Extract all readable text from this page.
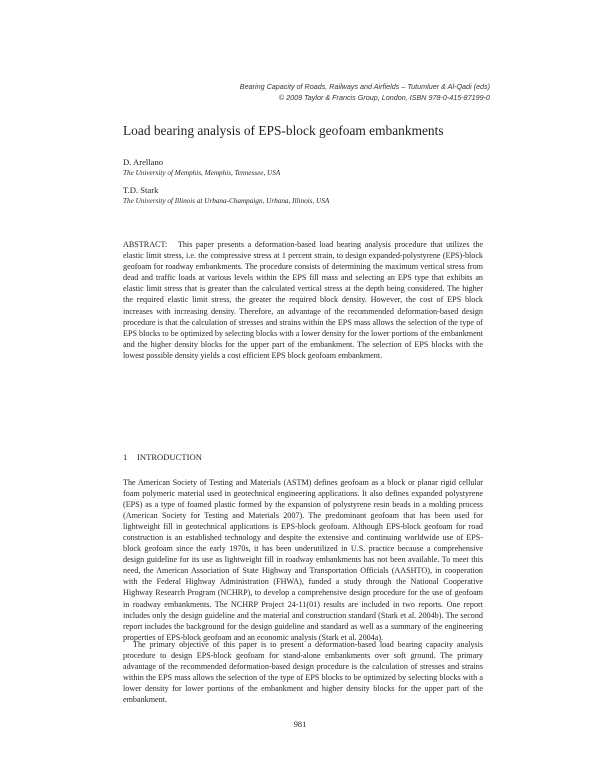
Bearing Capacity of Roads, Railways and Airfields – Tutumluer & Al-Qadi (eds)
© 2009 Taylor & Francis Group, London, ISBN 978-0-415-87199-0
Load bearing analysis of EPS-block geofoam embankments
D. Arellano
The University of Memphis, Memphis, Tennessee, USA
T.D. Stark
The University of Illinois at Urbana-Champaign, Urbana, Illinois, USA
ABSTRACT: This paper presents a deformation-based load bearing analysis procedure that utilizes the elastic limit stress, i.e. the compressive stress at 1 percent strain, to design expanded-polystyrene (EPS)-block geofoam for roadway embankments. The procedure consists of determining the maximum vertical stress from dead and traffic loads at various levels within the EPS fill mass and selecting an EPS type that exhibits an elastic limit stress that is greater than the calculated vertical stress at the depth being considered. The higher the required elastic limit stress, the greater the required block density. However, the cost of EPS block increases with increasing density. Therefore, an advantage of the recommended deformation-based design procedure is that the calculation of stresses and strains within the EPS mass allows the selection of the type of EPS blocks to be optimized by selecting blocks with a lower density for the lower portions of the embankment and the higher density blocks for the upper part of the embankment. The selection of EPS blocks with the lowest possible density yields a cost efficient EPS block geofoam embankment.
1 INTRODUCTION
The American Society of Testing and Materials (ASTM) defines geofoam as a block or planar rigid cellular foam polymeric material used in geotechnical engineering applications. It also defines expanded polystyrene (EPS) as a type of foamed plastic formed by the expansion of polystyrene resin beads in a molding process (American Society for Testing and Materials 2007). The predominant geofoam that has been used for lightweight fill in geotechnical applications is EPS-block geofoam. Although EPS-block geofoam for road construction is an established technology and despite the extensive and continuing worldwide use of EPS-block geofoam since the early 1970s, it has been underutilized in U.S. practice because a comprehensive design guideline for its use as lightweight fill in roadway embankments has not been available. To meet this need, the American Association of State Highway and Transportation Officials (AASHTO), in cooperation with the Federal Highway Administration (FHWA), funded a study through the National Cooperative Highway Research Program (NCHRP), to develop a comprehensive design procedure for the use of geofoam in roadway embankments. The NCHRP Project 24-11(01) results are included in two reports. One report includes only the design guideline and the material and construction standard (Stark et al. 2004b). The second report includes the background for the design guideline and standard as well as a summary of the engineering properties of EPS-block geofoam and an economic analysis (Stark et al. 2004a).
The primary objective of this paper is to present a deformation-based load bearing capacity analysis procedure to design EPS-block geofoam for stand-alone embankments over soft ground. The primary advantage of the recommended deformation-based design procedure is the calculation of stresses and strains within the EPS mass allows the selection of the type of EPS blocks to be optimized by selecting blocks with a lower density for lower portions of the embankment and higher density blocks for the upper part of the embankment.
981
